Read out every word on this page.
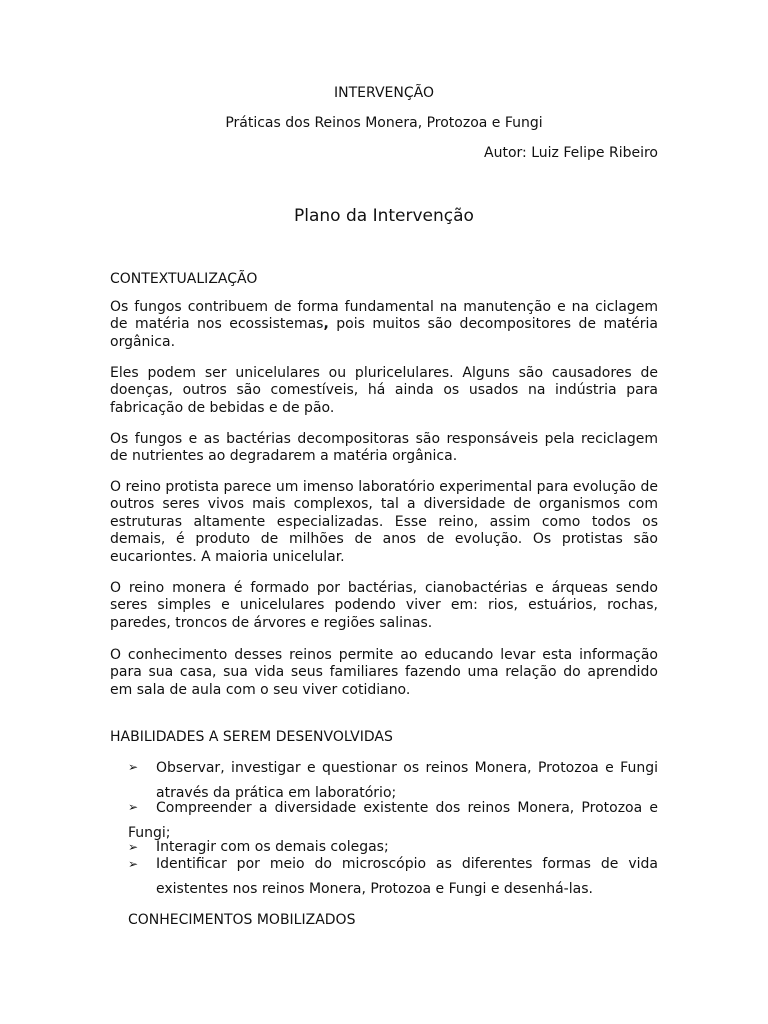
INTERVENÇÃO
Práticas dos Reinos Monera, Protozoa e Fungi
Autor: Luiz Felipe Ribeiro
Plano da Intervenção
CONTEXTUALIZAÇÃO
Os fungos contribuem de forma fundamental na manutenção e na ciclagem de matéria nos ecossistemas, pois muitos são decompositores de matéria orgânica.
Eles podem ser unicelulares ou pluricelulares. Alguns são causadores de doenças, outros são comestíveis, há ainda os usados na indústria para fabricação de bebidas e de pão.
Os fungos e as bactérias decompositoras são responsáveis pela reciclagem de nutrientes ao degradarem a matéria orgânica.
O reino protista parece um imenso laboratório experimental para evolução de outros seres vivos mais complexos, tal a diversidade de organismos com estruturas altamente especializadas. Esse reino, assim como todos os demais, é produto de milhões de anos de evolução. Os protistas são eucariontes. A maioria unicelular.
O reino monera é formado por bactérias, cianobactérias e árqueas sendo seres simples e unicelulares podendo viver em: rios, estuários, rochas, paredes, troncos de árvores e regiões salinas.
O conhecimento desses reinos permite ao educando levar esta informação para sua casa, sua vida seus familiares fazendo uma relação do aprendido em sala de aula com o seu viver cotidiano.
HABILIDADES A SEREM DESENVOLVIDAS
➢ Observar, investigar e questionar os reinos Monera, Protozoa e Fungi
através da prática em laboratório;
➢ Compreender a diversidade existente dos reinos Monera, Protozoa e
Fungi;
➢ Interagir com os demais colegas;
➢ Identificar por meio do microscópio as diferentes formas de vida
existentes nos reinos Monera, Protozoa e Fungi e desenhá-las.
CONHECIMENTOS MOBILIZADOS
